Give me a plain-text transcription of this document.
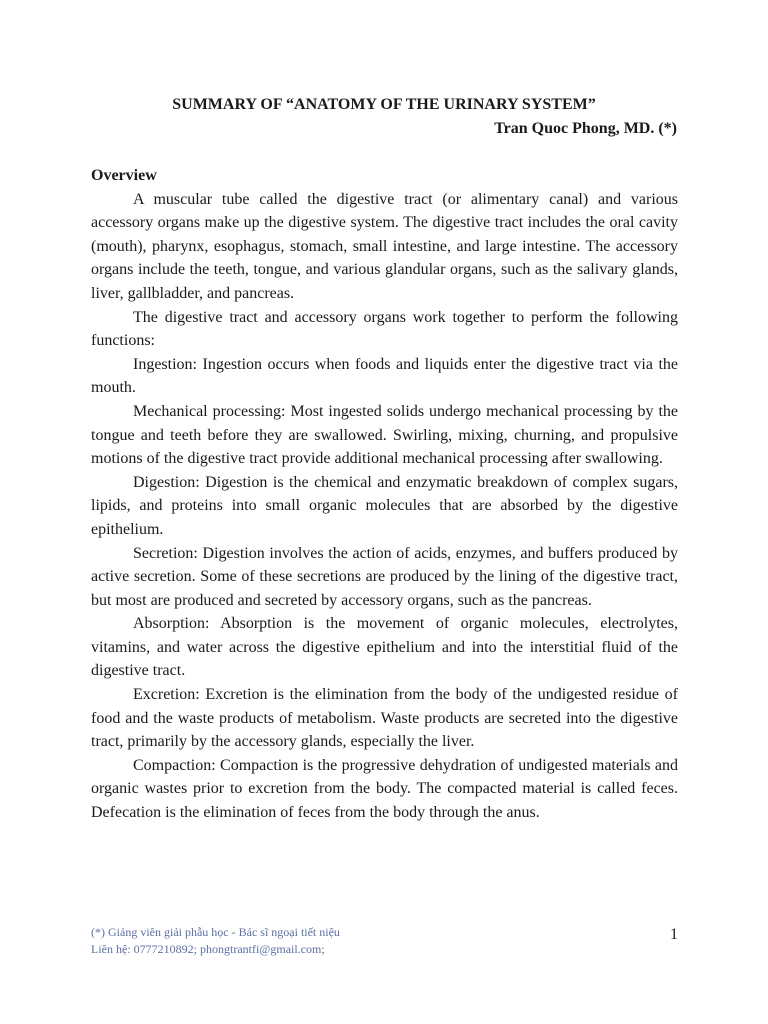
SUMMARY OF “ANATOMY OF THE URINARY SYSTEM”
Tran Quoc Phong, MD. (*)

Overview

A muscular tube called the digestive tract (or alimentary canal) and various accessory organs make up the digestive system. The digestive tract includes the oral cavity (mouth), pharynx, esophagus, stomach, small intestine, and large intestine. The accessory organs include the teeth, tongue, and various glandular organs, such as the salivary glands, liver, gallbladder, and pancreas.

The digestive tract and accessory organs work together to perform the following functions:

Ingestion: Ingestion occurs when foods and liquids enter the digestive tract via the mouth.

Mechanical processing: Most ingested solids undergo mechanical processing by the tongue and teeth before they are swallowed. Swirling, mixing, churning, and propulsive motions of the digestive tract provide additional mechanical processing after swallowing.

Digestion: Digestion is the chemical and enzymatic breakdown of complex sugars, lipids, and proteins into small organic molecules that are absorbed by the digestive epithelium.

Secretion: Digestion involves the action of acids, enzymes, and buffers produced by active secretion. Some of these secretions are produced by the lining of the digestive tract, but most are produced and secreted by accessory organs, such as the pancreas.

Absorption: Absorption is the movement of organic molecules, electrolytes, vitamins, and water across the digestive epithelium and into the interstitial fluid of the digestive tract.

Excretion: Excretion is the elimination from the body of the undigested residue of food and the waste products of metabolism. Waste products are secreted into the digestive tract, primarily by the accessory glands, especially the liver.

Compaction: Compaction is the progressive dehydration of undigested materials and organic wastes prior to excretion from the body. The compacted material is called feces. Defecation is the elimination of feces from the body through the anus.

(*) Giảng viên giải phẫu học - Bác sĩ ngoại tiết niệu
Liên hệ: 0777210892; phongtrantfi@gmail.com;
1
